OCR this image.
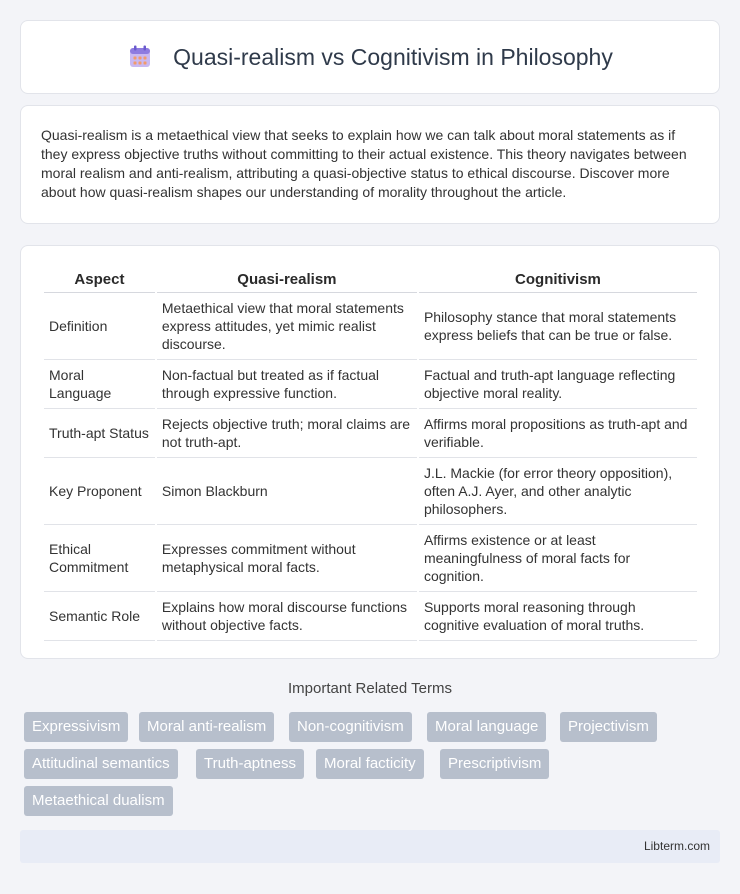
Quasi-realism vs Cognitivism in Philosophy

Quasi-realism is a metaethical view that seeks to explain how we can talk about moral statements as if they express objective truths without committing to their actual existence. This theory navigates between moral realism and anti-realism, attributing a quasi-objective status to ethical discourse. Discover more about how quasi-realism shapes our understanding of morality throughout the article.

Aspect	Quasi-realism	Cognitivism
Definition	Metaethical view that moral statements express attitudes, yet mimic realist discourse.	Philosophy stance that moral statements express beliefs that can be true or false.
Moral Language	Non-factual but treated as if factual through expressive function.	Factual and truth-apt language reflecting objective moral reality.
Truth-apt Status	Rejects objective truth; moral claims are not truth-apt.	Affirms moral propositions as truth-apt and verifiable.
Key Proponent	Simon Blackburn	J.L. Mackie (for error theory opposition), often A.J. Ayer, and other analytic philosophers.
Ethical Commitment	Expresses commitment without metaphysical moral facts.	Affirms existence or at least meaningfulness of moral facts for cognition.
Semantic Role	Explains how moral discourse functions without objective facts.	Supports moral reasoning through cognitive evaluation of moral truths.
Important Related Terms
Expressivism	Moral anti-realism	Non-cognitivism	Moral language	Projectivism
Attitudinal semantics	Truth-aptness	Moral facticity	Prescriptivism
Metaethical dualism
Libterm.com
